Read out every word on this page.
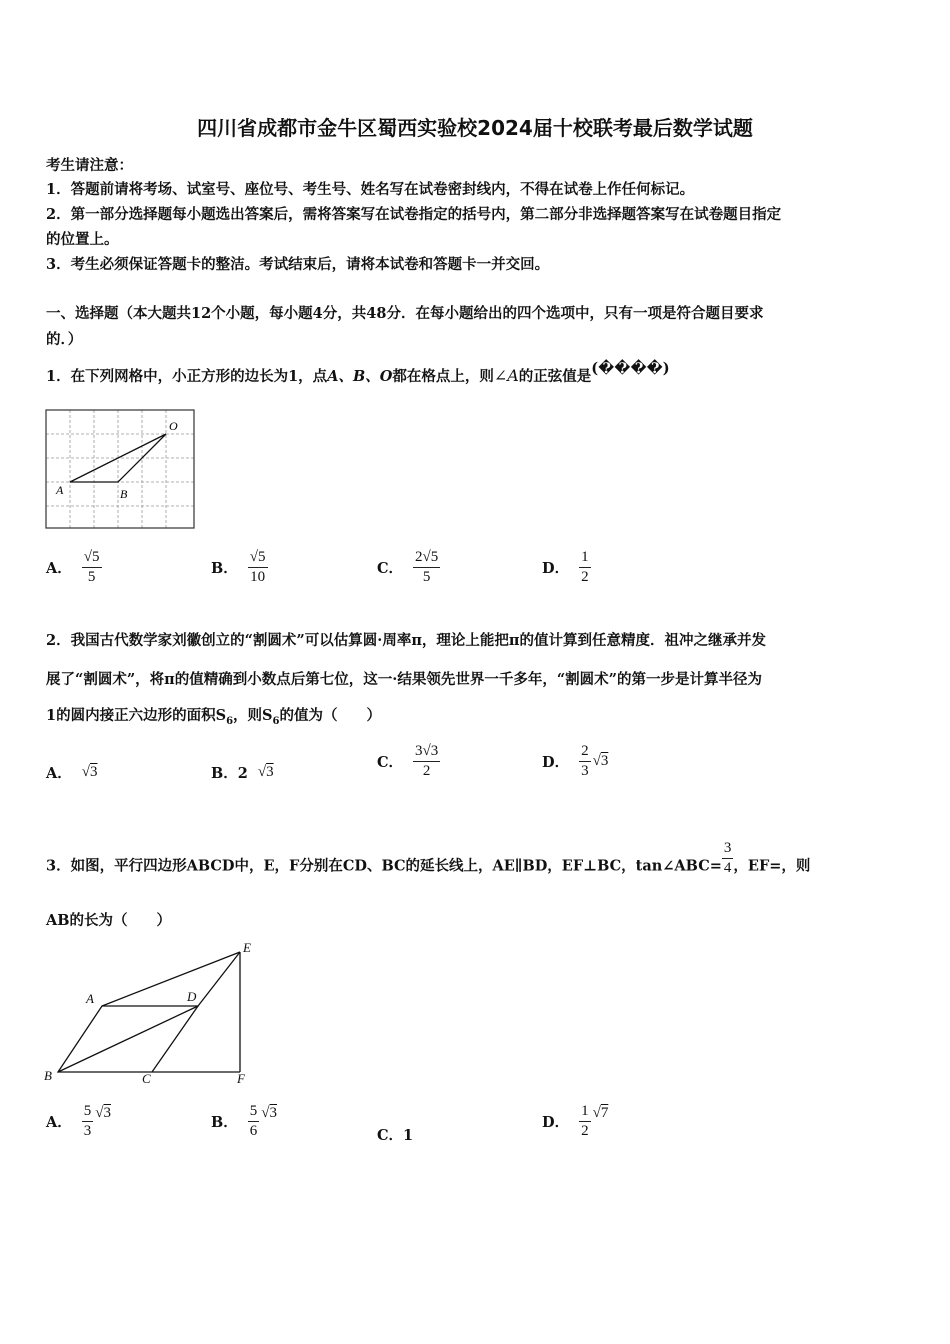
四川省成都市金牛区蜀西实验校2024届十校联考最后数学试题
考生请注意：
1．答题前请将考场、试室号、座位号、考生号、姓名写在试卷密封线内，不得在试卷上作任何标记。
2．第一部分选择题每小题选出答案后，需将答案写在试卷指定的括号内，第二部分非选择题答案写在试卷题目指定
的位置上。
3．考生必须保证答题卡的整洁。考试结束后，请将本试卷和答题卡一并交回。
一、选择题（本大题共12个小题，每小题4分，共48分．在每小题给出的四个选项中，只有一项是符合题目要求
的．）
1．在下列网格中，小正方形的边长为1，点A、B、O都在格点上，则∠A的正弦值是(����)
O
A	B
A． $\frac{√5}{5}$	B． $\frac{√5}{10}$	C． $\frac{2√5}{5}$	D． $\frac{1}{2}$
2．我国古代数学家刘徽创立的“割圆术”可以估算圆·周率π，理论上能把π的值计算到任意精度．祖冲之继承并发
展了“割圆术”，将π的值精确到小数点后第七位，这一·结果领先世界一千多年，“割圆术”的第一步是计算半径为
1的圆内接正六边形的面积$S_6$，则$S_6$的值为（　　）
A． √3	B．2 √3
C． $\frac{3√3}{2}$	D． $\frac{2}{3} √3$
3．如图，平行四边形ABCD中，E，F分别在CD、BC的延长线上，AE∥BD，EF⊥BC，tan∠ABC= $\frac{3}{4}$ ，EF=，则
AB的长为（　　）
A	D
E
B	C	F
A． $\frac{5}{3} √3$
B． $\frac{5}{6} √3$
C．1
D． $\frac{1}{2} √7$
